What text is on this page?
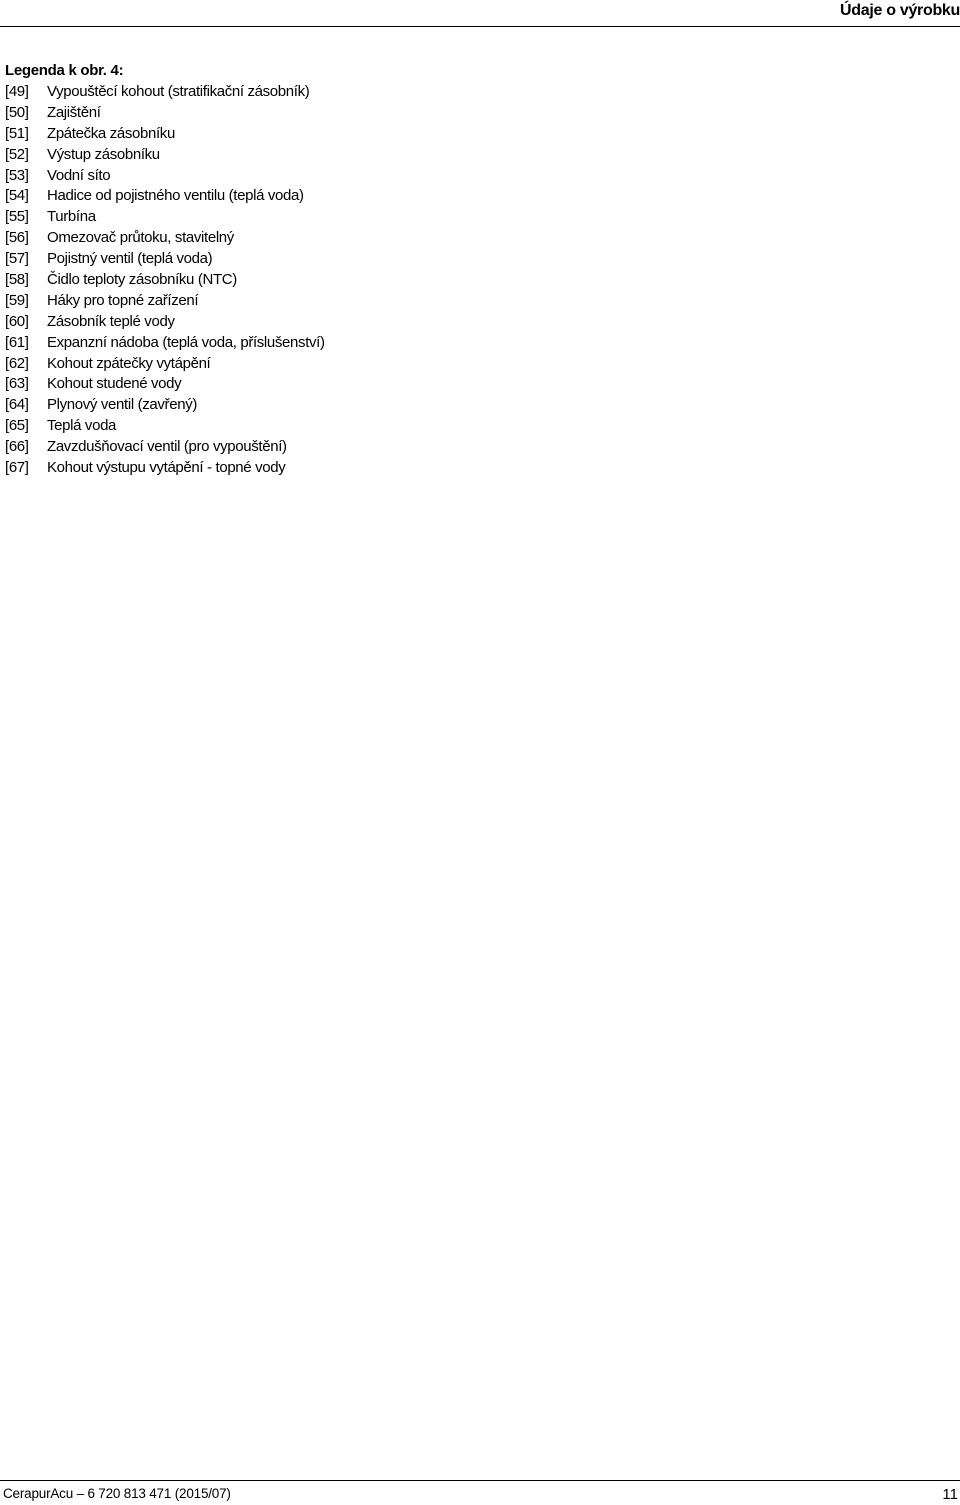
Údaje o výrobku
Legenda k obr. 4:
[49]	Vypouštěcí kohout (stratifikační zásobník)
[50]	Zajištění
[51]	Zpátečka zásobníku
[52]	Výstup zásobníku
[53]	Vodní síto
[54]	Hadice od pojistného ventilu (teplá voda)
[55]	Turbína
[56]	Omezovač průtoku, stavitelný
[57]	Pojistný ventil (teplá voda)
[58]	Čidlo teploty zásobníku (NTC)
[59]	Háky pro topné zařízení
[60]	Zásobník teplé vody
[61]	Expanzní nádoba (teplá voda, příslušenství)
[62]	Kohout zpátečky vytápění
[63]	Kohout studené vody
[64]	Plynový ventil (zavřený)
[65]	Teplá voda
[66]	Zavzdušňovací ventil (pro vypouštění)
[67]	Kohout výstupu vytápění - topné vody
CerapurAcu – 6 720 813 471 (2015/07)	11
